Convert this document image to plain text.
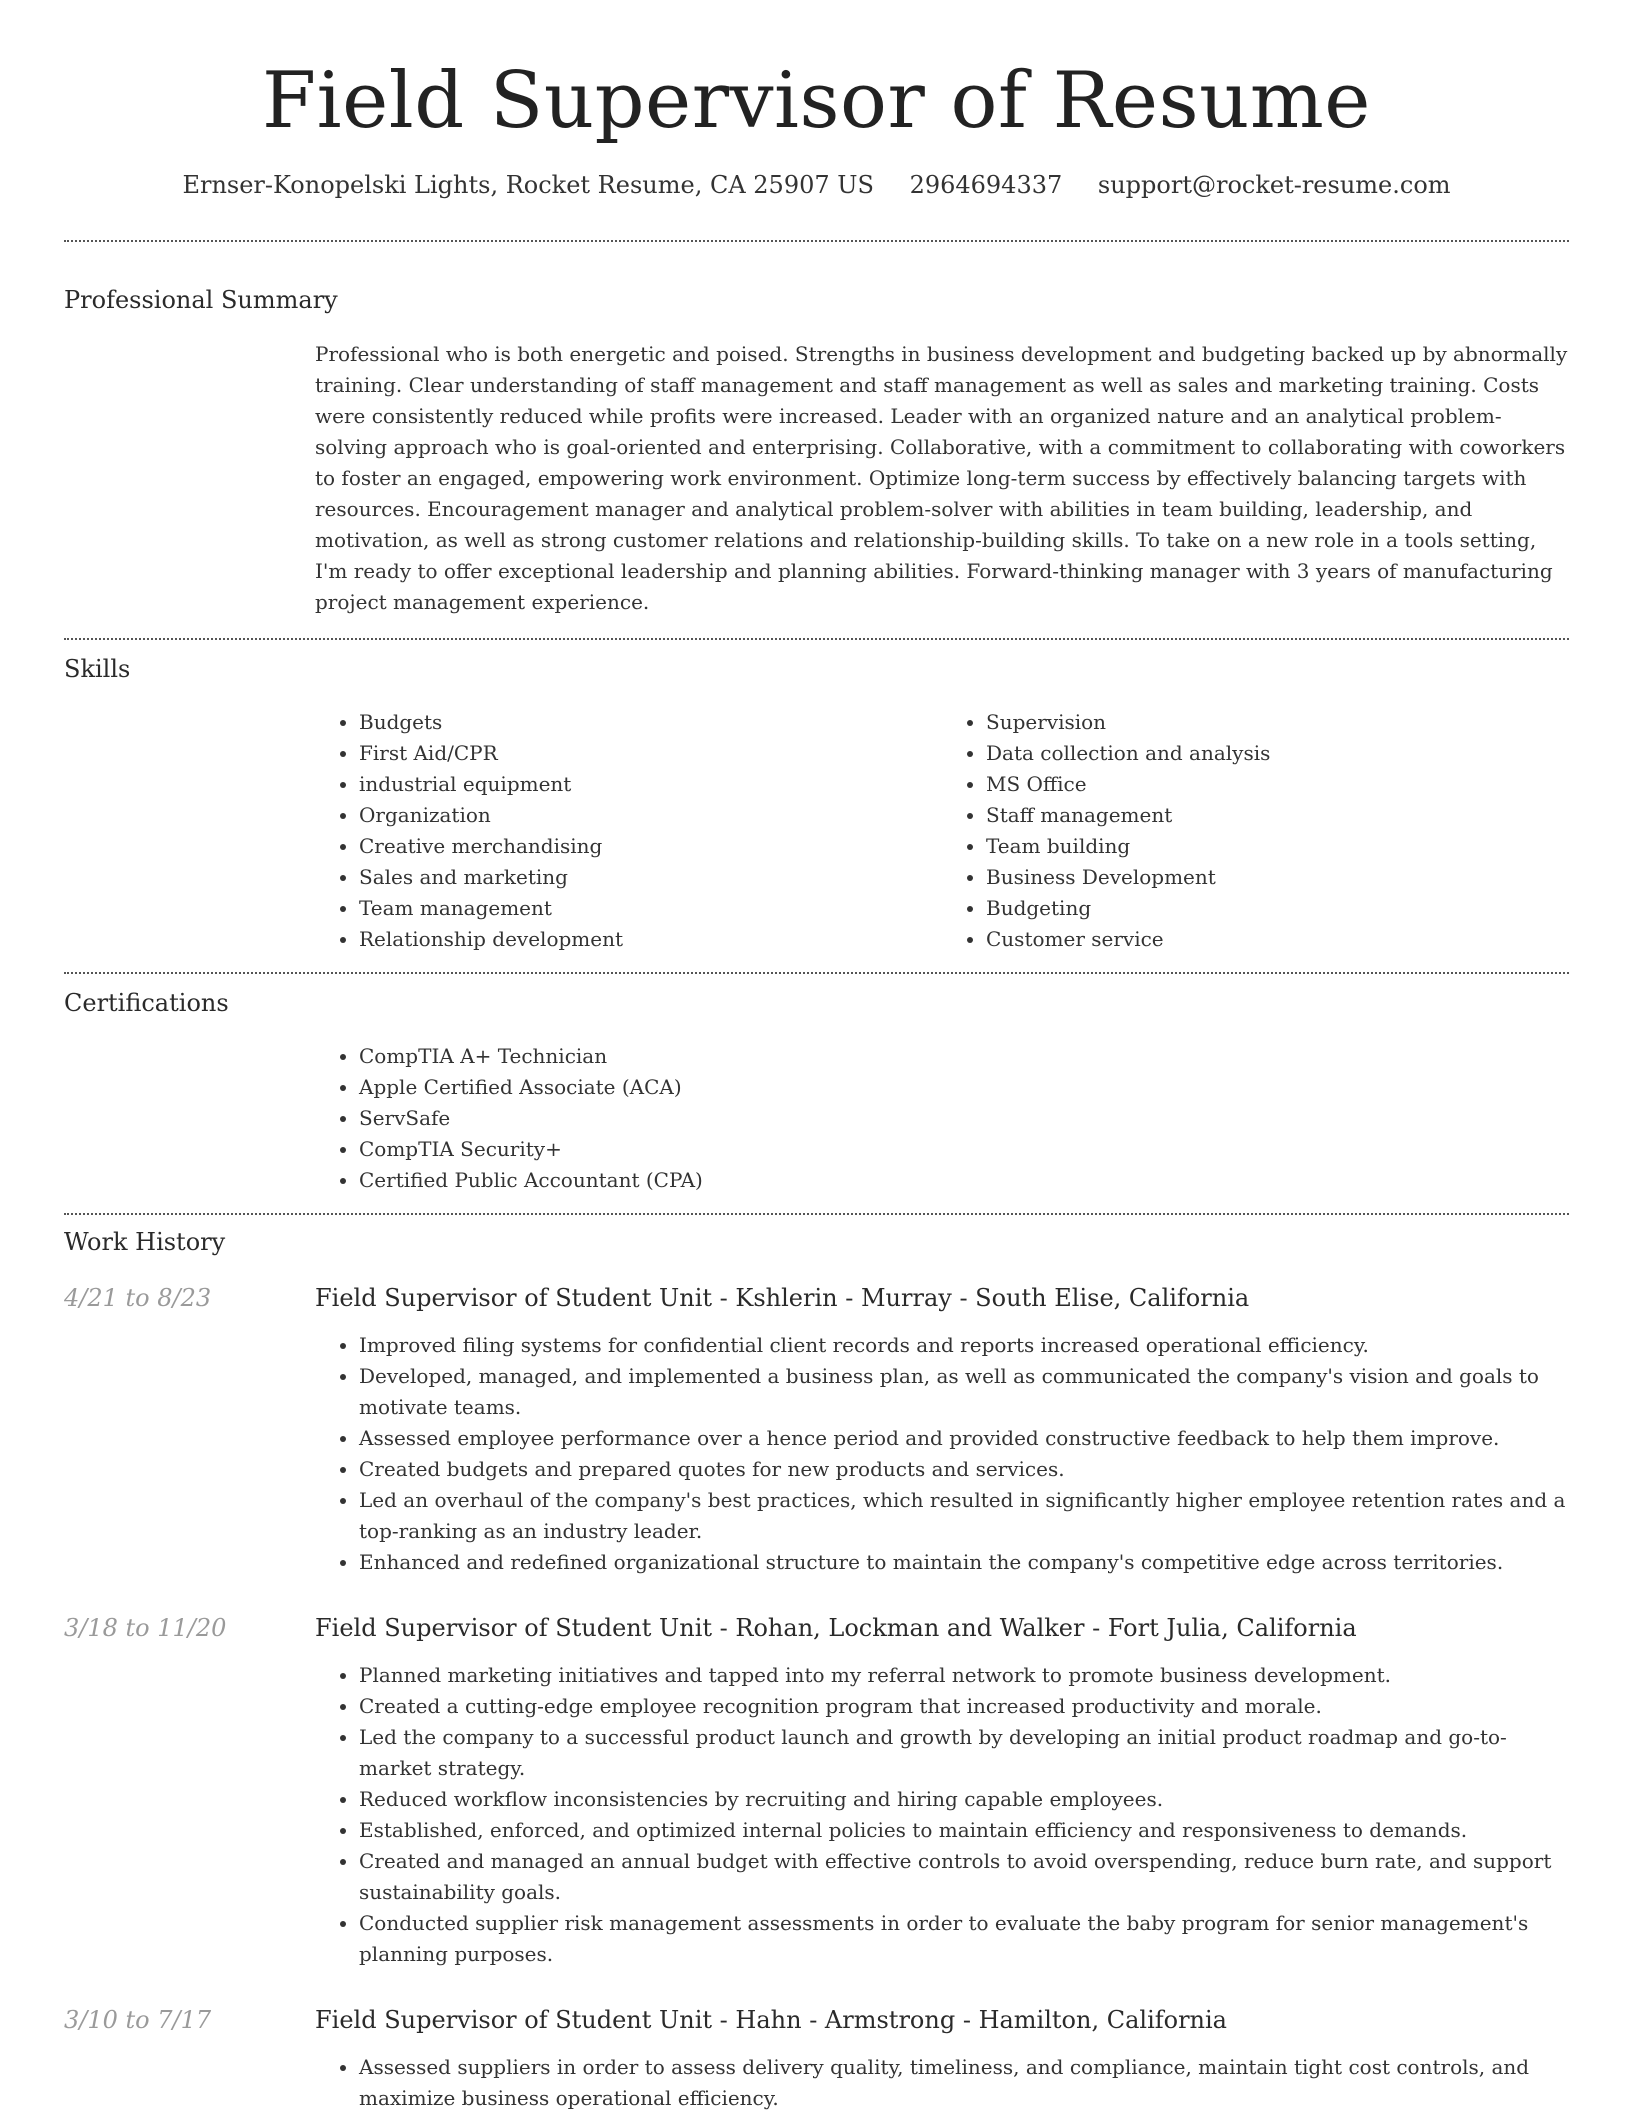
Field Supervisor of Resume
Ernser-Konopelski Lights, Rocket Resume, CA 25907 US 2964694337 support@rocket-resume.com
Professional Summary

Professional who is both energetic and poised. Strengths in business development and budgeting backed up by abnormally training. Clear understanding of staff management and staff management as well as sales and marketing training. Costs were consistently reduced while profits were increased. Leader with an organized nature and an analytical problem-solving approach who is goal-oriented and enterprising. Collaborative, with a commitment to collaborating with coworkers to foster an engaged, empowering work environment. Optimize long-term success by effectively balancing targets with resources. Encouragement manager and analytical problem-solver with abilities in team building, leadership, and motivation, as well as strong customer relations and relationship-building skills. To take on a new role in a tools setting, I'm ready to offer exceptional leadership and planning abilities. Forward-thinking manager with 3 years of manufacturing project management experience.

Skills
• Budgets
• First Aid/CPR
• industrial equipment
• Organization
• Creative merchandising
• Sales and marketing
• Team management
• Relationship development
• Supervision
• Data collection and analysis
• MS Office
• Staff management
• Team building
• Business Development
• Budgeting
• Customer service
Certifications
• CompTIA A+ Technician
• Apple Certified Associate (ACA)
• ServSafe
• CompTIA Security+
• Certified Public Accountant (CPA)
Work History
4/21 to 8/23	Field Supervisor of Student Unit - Kshlerin - Murray - South Elise, California
• Improved filing systems for confidential client records and reports increased operational efficiency.
• Developed, managed, and implemented a business plan, as well as communicated the company's vision and goals to motivate teams.
• Assessed employee performance over a hence period and provided constructive feedback to help them improve.
• Created budgets and prepared quotes for new products and services.
• Led an overhaul of the company's best practices, which resulted in significantly higher employee retention rates and a top-ranking as an industry leader.
• Enhanced and redefined organizational structure to maintain the company's competitive edge across territories.
3/18 to 11/20	Field Supervisor of Student Unit - Rohan, Lockman and Walker - Fort Julia, California
• Planned marketing initiatives and tapped into my referral network to promote business development.
• Created a cutting-edge employee recognition program that increased productivity and morale.
• Led the company to a successful product launch and growth by developing an initial product roadmap and go-to-market strategy.
• Reduced workflow inconsistencies by recruiting and hiring capable employees.
• Established, enforced, and optimized internal policies to maintain efficiency and responsiveness to demands.
• Created and managed an annual budget with effective controls to avoid overspending, reduce burn rate, and support sustainability goals.
• Conducted supplier risk management assessments in order to evaluate the baby program for senior management's planning purposes.
3/10 to 7/17	Field Supervisor of Student Unit - Hahn - Armstrong - Hamilton, California
• Assessed suppliers in order to assess delivery quality, timeliness, and compliance, maintain tight cost controls, and maximize business operational efficiency.
